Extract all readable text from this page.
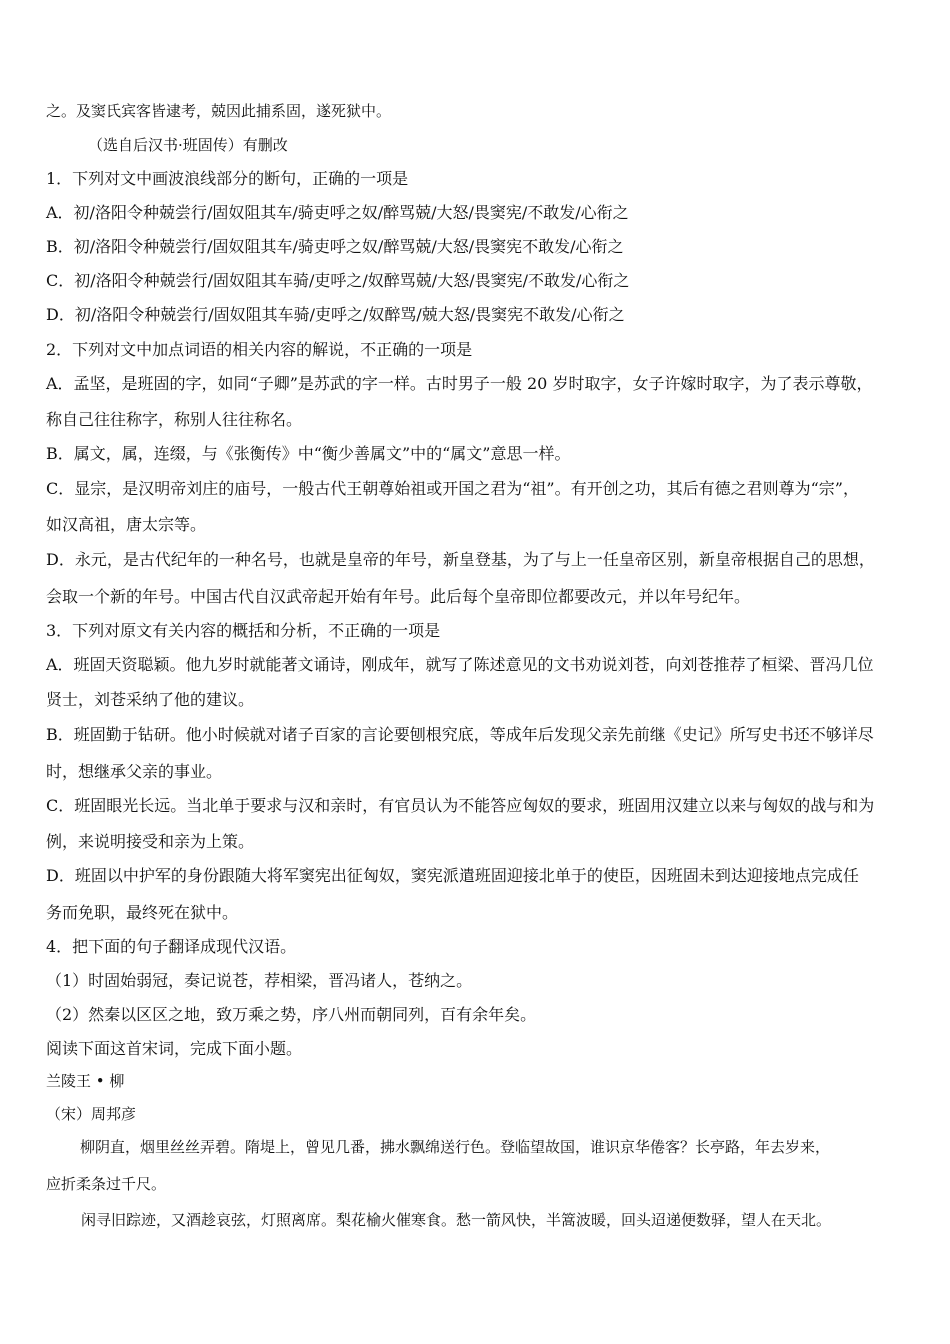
之。及窦氏宾客皆逮考，兢因此捕系固，遂死狱中。
（选自后汉书·班固传）有删改
1．下列对文中画波浪线部分的断句，正确的一项是
A．初/洛阳令种兢尝行/固奴阻其车/骑吏呼之奴/醉骂兢/大怒/畏窦宪/不敢发/心衔之
B．初/洛阳令种兢尝行/固奴阻其车/骑吏呼之奴/醉骂兢/大怒/畏窦宪不敢发/心衔之
C．初/洛阳令种兢尝行/固奴阻其车骑/吏呼之/奴醉骂兢/大怒/畏窦宪/不敢发/心衔之
D．初/洛阳令种兢尝行/固奴阻其车骑/吏呼之/奴醉骂/兢大怒/畏窦宪不敢发/心衔之
2．下列对文中加点词语的相关内容的解说，不正确的一项是
A．孟坚，是班固的字，如同“子卿”是苏武的字一样。古时男子一般 20 岁时取字，女子许嫁时取字，为了表示尊敬，
称自己往往称字，称别人往往称名。
B．属文，属，连缀，与《张衡传》中“衡少善属文”中的“属文”意思一样。
C．显宗，是汉明帝刘庄的庙号，一般古代王朝尊始祖或开国之君为“祖”。有开创之功，其后有德之君则尊为“宗”，
如汉高祖，唐太宗等。
D．永元，是古代纪年的一种名号，也就是皇帝的年号，新皇登基，为了与上一任皇帝区别，新皇帝根据自己的思想，
会取一个新的年号。中国古代自汉武帝起开始有年号。此后每个皇帝即位都要改元，并以年号纪年。
3．下列对原文有关内容的概括和分析，不正确的一项是
A．班固天资聪颖。他九岁时就能著文诵诗，刚成年，就写了陈述意见的文书劝说刘苍，向刘苍推荐了桓梁、晋冯几位
贤士，刘苍采纳了他的建议。
B．班固勤于钻研。他小时候就对诸子百家的言论要刨根究底，等成年后发现父亲先前继《史记》所写史书还不够详尽
时，想继承父亲的事业。
C．班固眼光长远。当北单于要求与汉和亲时，有官员认为不能答应匈奴的要求，班固用汉建立以来与匈奴的战与和为
例，来说明接受和亲为上策。
D．班固以中护军的身份跟随大将军窦宪出征匈奴，窦宪派遣班固迎接北单于的使臣，因班固未到达迎接地点完成任
务而免职，最终死在狱中。
4．把下面的句子翻译成现代汉语。
（1）时固始弱冠，奏记说苍，荐相梁，晋冯诸人，苍纳之。
（2）然秦以区区之地，致万乘之势，序八州而朝同列，百有余年矣。
阅读下面这首宋词，完成下面小题。
兰陵王 • 柳
（宋）周邦彦
柳阴直，烟里丝丝弄碧。隋堤上，曾见几番，拂水飘绵送行色。登临望故国，谁识京华倦客？长亭路，年去岁来，
应折柔条过千尺。
闲寻旧踪迹，又酒趁哀弦，灯照离席。梨花榆火催寒食。愁一箭风快，半篙波暖，回头迢递便数驿，望人在天北。
